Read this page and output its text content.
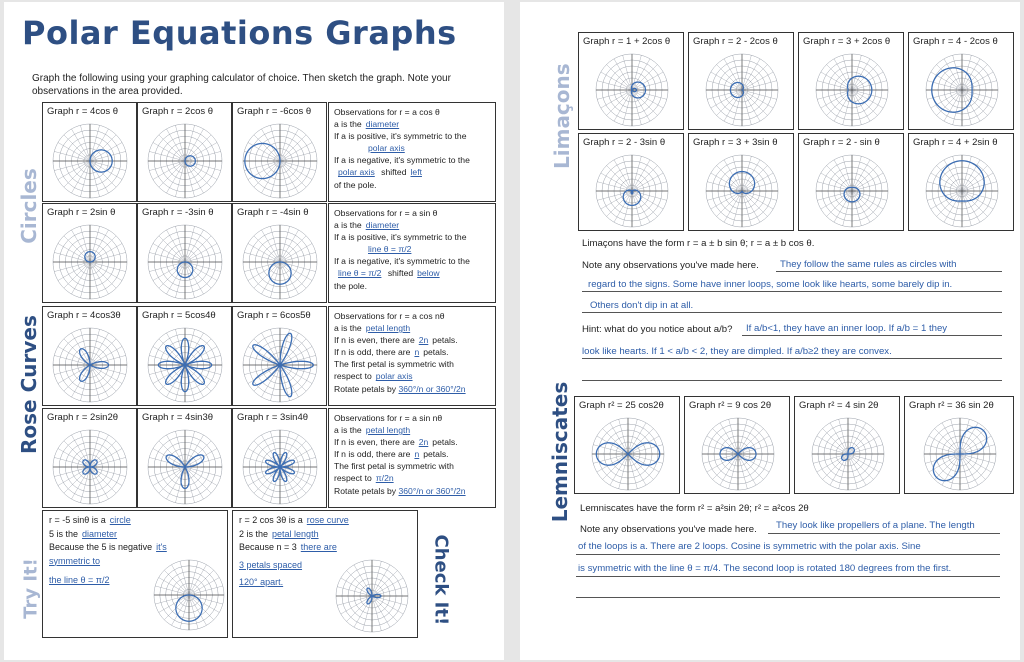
Polar Equations Graphs
Graph the following using your graphing calculator of choice. Then sketch the graph. Note your observations in the area provided.
Circles
Rose Curves
Try It!	Check It!
Graph r = 4cos θ	Graph r = 2cos θ	Graph r = -6cos θ	Observations for r = a cos θ
a is the diameter
If a is positive, it's symmetric to the
polar axis
If a is negative, it's symmetric to the
polar axis shifted left
of the pole.
Graph r = 2sin θ	Graph r = -3sin θ Graph r = -4sin θ	Observations for r = a sin θ
a is the diameter
If a is positive, it's symmetric to the
line θ = π/2
If a is negative, it's symmetric to the
line θ = π/2 shifted below
the pole.
Graph r = 4cos3θ Graph r = 5cos4θ Graph r = 6cos5θ	Observations for r = a cos nθ
a is the petal length
If n is even, there are 2n petals.
If n is odd, there are n petals.
The first petal is symmetric with
respect to polar axis
Rotate petals by 360°/n or 360°/2n
Graph r = 2sin2θ	Graph r = 4sin3θ	Graph r = 3sin4θ	Observations for r = a sin nθ
a is the petal length
If n is even, there are 2n petals.
If n is odd, there are n petals.
The first petal is symmetric with
respect to π/2n
Rotate petals by 360°/n or 360°/2n
r = -5 sinθ is a circle
5 is the diameter
Because the 5 is negative it's
symmetric to
the line θ = π/2
r = 2 cos 3θ is a rose curve
2 is the petal length
Because n = 3 there are
3 petals spaced
120° apart.
Limaçons
Lemniscates
Graph r = 1 + 2cos θ Graph r = 2 - 2cos θ	Graph r = 3 + 2cos θ Graph r = 4 - 2cos θ
Graph r = 2 - 3sin θ	Graph r = 3 + 3sin θ	Graph r = 2 - sin θ	Graph r = 4 + 2sin θ
Limaçons have the form r = a ± b sin θ; r = a ± b cos θ.
Note any observations you've made here. They follow the same rules as circles with
regard to the signs. Some have inner loops, some look like hearts, some barely dip in.
Others don't dip in at all.
Hint: what do you notice about a/b? If a/b<1, they have an inner loop. If a/b = 1 they
look like hearts. If 1 < a/b < 2, they are dimpled. If a/b≥2 they are convex.
Graph r² = 25 cos2θ	Graph r² = 9 cos 2θ	Graph r² = 4 sin 2θ	Graph r² = 36 sin 2θ
Lemniscates have the form r² = a²sin 2θ; r² = a²cos 2θ
Note any observations you've made here. They look like propellers of a plane. The length
of the loops is a. There are 2 loops. Cosine is symmetric with the polar axis. Sine
is symmetric with the line θ = π/4. The second loop is rotated 180 degrees from the first.
